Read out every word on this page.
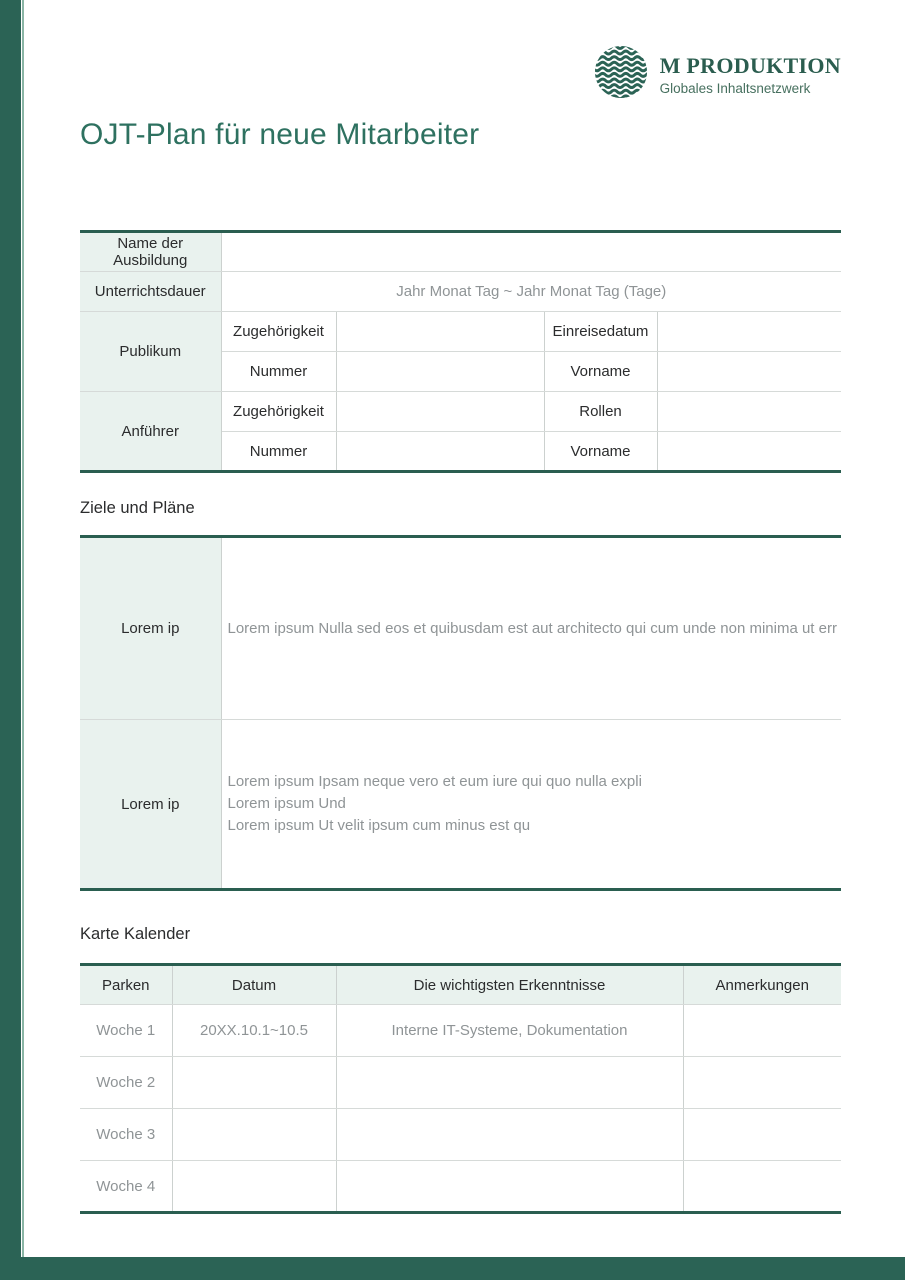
M PRODUKTION
Globales Inhaltsnetzwerk
OJT-Plan für neue Mitarbeiter
Name der Ausbildung				
Unterrichtsdauer	Jahr Monat Tag ~ Jahr Monat Tag (Tage)			
Publikum	Zugehörigkeit		Einreisedatum	
	Nummer		Vorname	
Anführer	Zugehörigkeit		Rollen	
	Nummer		Vorname	
Ziele und Pläne
Lorem ip	Lorem ipsum Nulla sed eos et quibusdam est aut architecto qui cum unde non minima ut err

Lorem ip	Lorem ipsum Ipsam neque vero et eum iure qui quo nulla expli
Lorem ipsum Und
Lorem ipsum Ut velit ipsum cum minus est qu
Karte Kalender
Parken	Datum	Die wichtigsten Erkenntnisse	Anmerkungen
Woche 1	20XX.10.1~10.5	Interne IT-Systeme, Dokumentation	
Woche 2			
Woche 3			
Woche 4			
